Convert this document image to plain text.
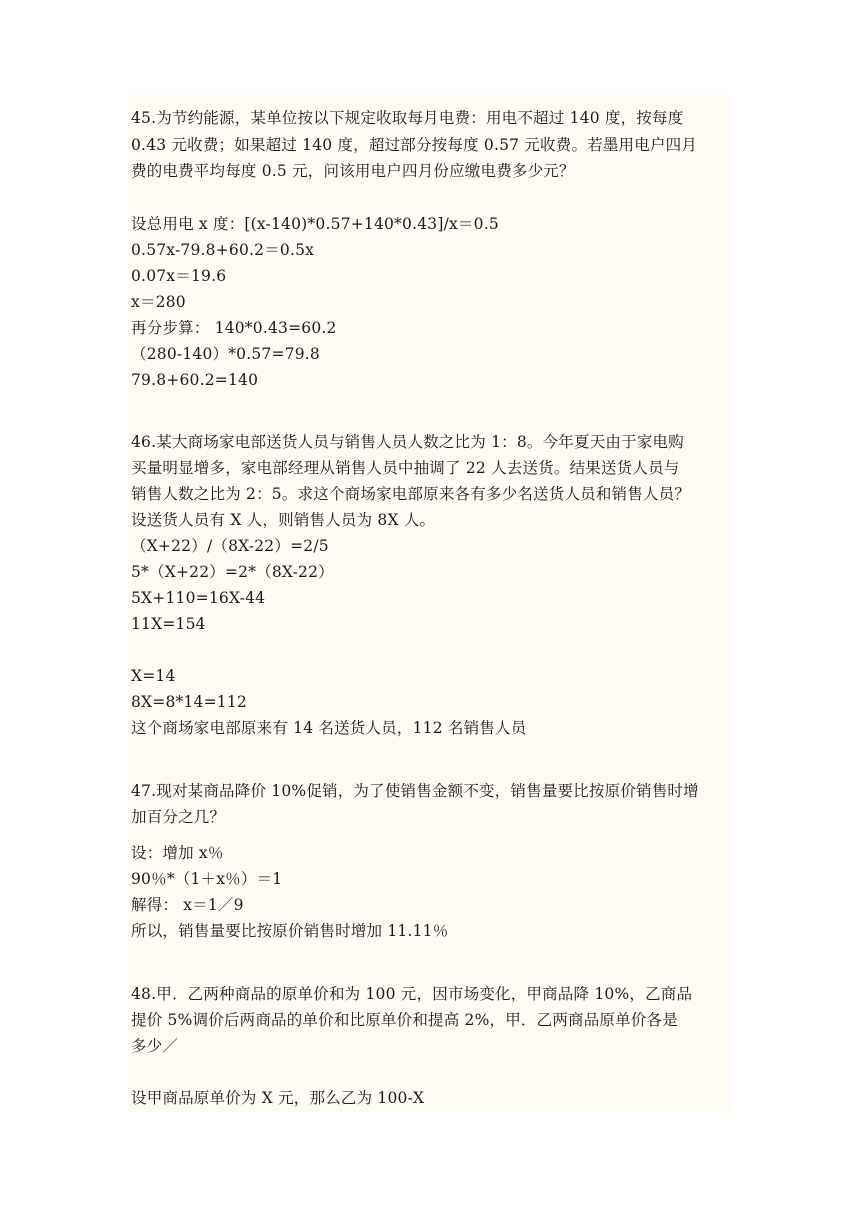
45.为节约能源，某单位按以下规定收取每月电费：用电不超过 140 度，按每度
0.43 元收费；如果超过 140 度，超过部分按每度 0.57 元收费。若墨用电户四月
费的电费平均每度 0.5 元，问该用电户四月份应缴电费多少元？
设总用电 x 度：[(x-140)*0.57+140*0.43]/x＝0.5
0.57x-79.8+60.2＝0.5x
0.07x＝19.6
x＝280
再分步算： 140*0.43=60.2
（280-140）*0.57=79.8
79.8+60.2=140
46.某大商场家电部送货人员与销售人员人数之比为 1：8。今年夏天由于家电购
买量明显增多，家电部经理从销售人员中抽调了 22 人去送货。结果送货人员与
销售人数之比为 2：5。求这个商场家电部原来各有多少名送货人员和销售人员？
设送货人员有 X 人，则销售人员为 8X 人。
（X+22）/（8X-22）=2/5
5*（X+22）=2*（8X-22）
5X+110=16X-44
11X=154
X=14
8X=8*14=112
这个商场家电部原来有 14 名送货人员，112 名销售人员
47.现对某商品降价 10%促销，为了使销售金额不变，销售量要比按原价销售时增
加百分之几？
设：增加 x％
90％*（1＋x％）＝1
解得： x＝1／9
所以，销售量要比按原价销售时增加 11.11％
48.甲．乙两种商品的原单价和为 100 元，因市场变化，甲商品降 10%，乙商品
提价 5%调价后两商品的单价和比原单价和提高 2%，甲．乙两商品原单价各是
多少／
设甲商品原单价为 X 元，那么乙为 100-X
